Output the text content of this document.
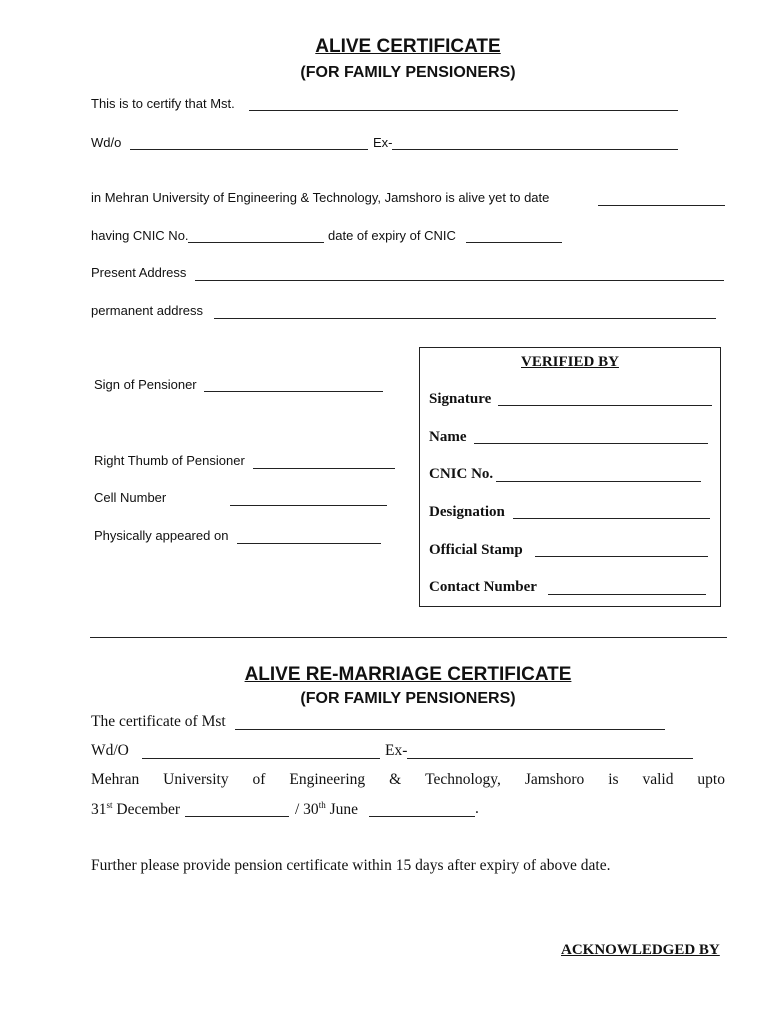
ALIVE CERTIFICATE
(FOR FAMILY PENSIONERS)
This is to certify that Mst.
Wd/o	Ex-
in Mehran University of Engineering & Technology, Jamshoro is alive yet to date
having CNIC No.	date of expiry of CNIC
Present Address
permanent address
Sign of Pensioner
Right Thumb of Pensioner
Cell Number
Physically appeared on
VERIFIED BY
Signature
Name
CNIC No.
Designation
Official Stamp
Contact Number
ALIVE RE-MARRIAGE CERTIFICATE
(FOR FAMILY PENSIONERS)
The certificate of Mst
Wd/O	Ex-
Mehran University of Engineering & Technology, Jamshoro is valid upto
31st December	/ 30th June	.
Further please provide pension certificate within 15 days after expiry of above date.
ACKNOWLEDGED BY
